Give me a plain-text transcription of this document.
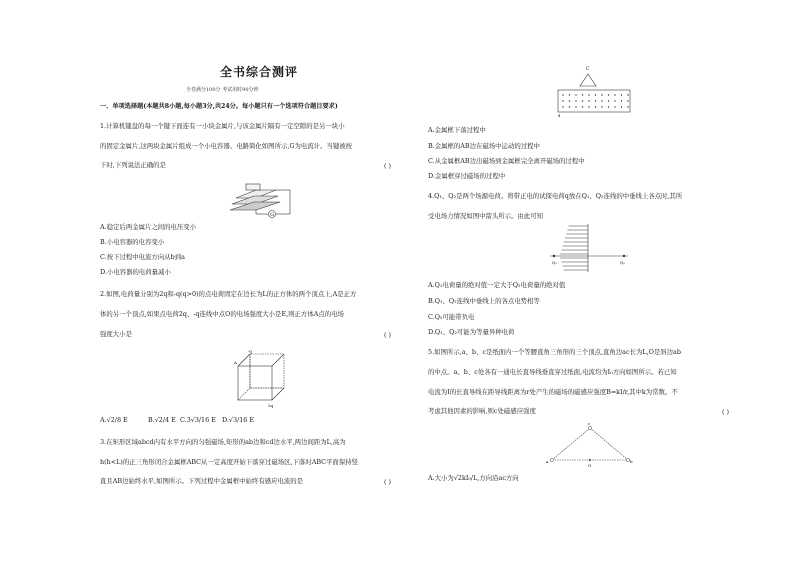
全书综合测评
全卷满分100分 考试用时90分钟
一、单项选择题(本题共8小题,每小题3分,共24分。每小题只有一个选项符合题目要求)
1.计算机键盘的每一个键下面连有一小块金属片,与该金属片隔有一定空隙的是另一块小
的固定金属片,这两块金属片组成一个小电容器。电路简化如图所示,G为电流计。当键被按
下时,下列说法正确的是	( )
G
A.稳定后两金属片之间的电压变小
B.小电容器的电容变小
C.按下过程中电流方向从b到a
D.小电容器的电荷量减小
2.如图,电荷量分别为2q和-q(q>0)的点电荷固定在边长为L的正方体的两个顶点上,A是正方
体的另一个顶点,如果点电荷2q、-q连线中点O的电场强度大小是E,则正方体A点的电场
强度大小是	( )
-q
2q
A
A.√2/8 E	B.√2/4 E C.3√3/16 E D.√3/16 E
3.在矩形区域abcd内有水平方向的匀强磁场,矩形的ab边和cd边水平,两边间距为L,高为
h(h<L)的正三角形闭合金属框ABC从一定高度开始下落穿过磁场区,下落时ABC平面保持竖
直且AB边始终水平,如图所示。下列过程中金属框中始终有感应电流的是	( )
C
d
A.金属框下落过程中
B.金属框的AB边在磁场中运动的过程中
C.从金属框AB边出磁场到金属框完全离开磁场的过程中
D.金属框穿过磁场的过程中
4.Q₁、Q₂是两个场源电荷。将带正电的试探电荷q放在Q₁、Q₂连线的中垂线上各点时,其所
受电场力情况如图中箭头所示。由此可知
Q₁	Q₂
A.Q₁电荷量的绝对值一定大于Q₂电荷量的绝对值
B.Q₁、Q₂连线中垂线上的各点电势相等
C.Q₂可能带负电
D.Q₁、Q₂可能为等量异种电荷
5.如图所示,a、b、c是纸面内一个等腰直角三角形的三个顶点,直角边ac长为L,O是斜边ab
的中点。a、b、c处各有一通电长直导线垂直穿过纸面,电流均为I₀方向如图所示。若已知
电流为I的长直导线在距导线距离为r处产生的磁场的磁感应强度B=kI/r,其中k为常数。不
考虑其他因素的影响,则c处磁感应强度	( )
c
a	b
O
A.大小为√2kI₀/L,方向沿ac方向
